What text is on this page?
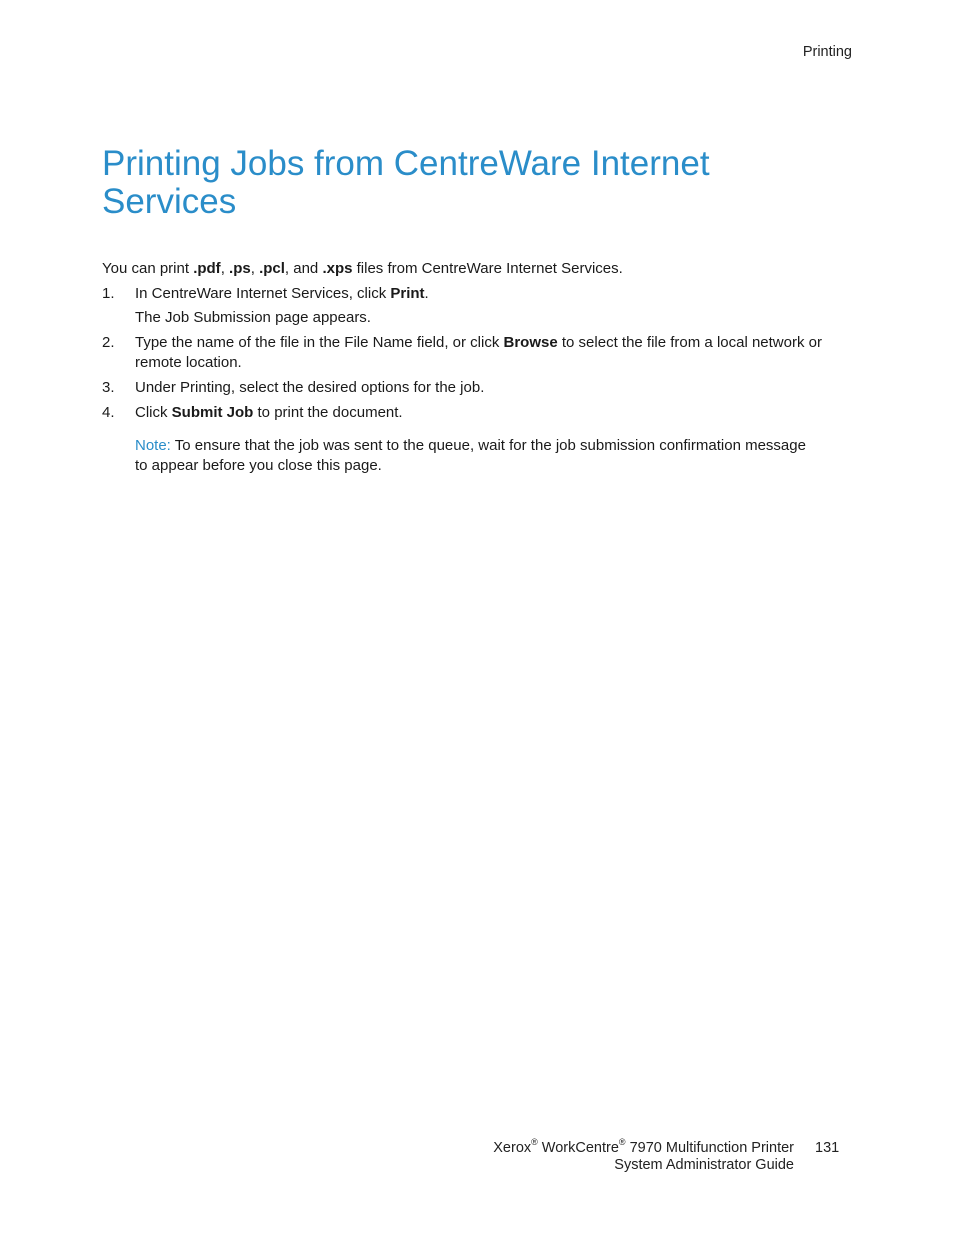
Printing
Printing Jobs from CentreWare Internet Services

You can print .pdf, .ps, .pcl, and .xps files from CentreWare Internet Services.

1. In CentreWare Internet Services, click Print.
The Job Submission page appears.
2. Type the name of the file in the File Name field, or click Browse to select the file from a local network or remote location.
3. Under Printing, select the desired options for the job.
4. Click Submit Job to print the document.
Note: To ensure that the job was sent to the queue, wait for the job submission confirmation message to appear before you close this page.
Xerox® WorkCentre® 7970 Multifunction Printer
System Administrator Guide
131
